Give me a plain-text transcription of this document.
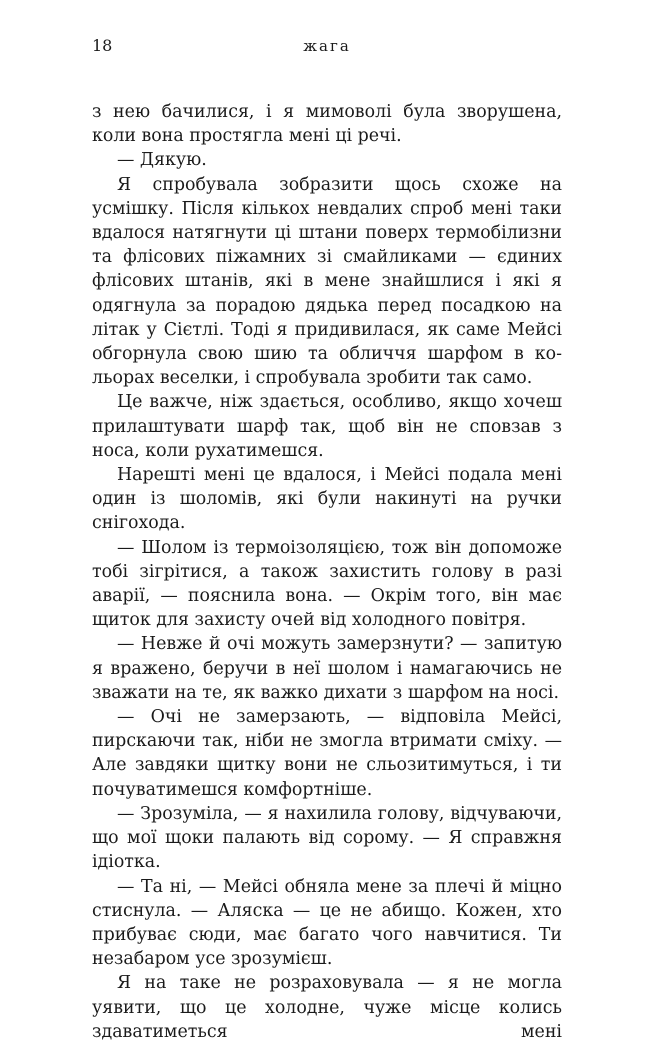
18	жага

з нею бачилися, і я мимоволі була зворушена, коли вона простягла мені ці речі.

— Дякую.

Я спробувала зобразити щось схоже на усмішку. Після кількох невдалих спроб мені таки вдалося натягнути ці штани поверх термобілизни та флісових піжамних зі смайликами — єдиних флісових штанів, які в мене знайшлися і які я одягнула за порадою дядька перед посадкою на літак у Сієтлі. Тоді я придивилася, як саме Мейсі обгорнула свою шию та обличчя шарфом в кольорах веселки, і спробувала зробити так само.

Це важче, ніж здається, особливо, якщо хочеш прилаштувати шарф так, щоб він не сповзав з носа, коли рухатимешся.

Нарешті мені це вдалося, і Мейсі подала мені один із шоломів, які були накинуті на ручки снігохода.

— Шолом із термоізоляцією, тож він допоможе тобі зігрітися, а також захистить голову в разі аварії, — пояснила вона. — Окрім того, він має щиток для захисту очей від холодного повітря.

— Невже й очі можуть замерзнути? — запитую я вражено, беручи в неї шолом і намагаючись не зважати на те, як важко дихати з шарфом на носі.

— Очі не замерзають, — відповіла Мейсі, пирскаючи так, ніби не змогла втримати сміху. — Але завдяки щитку вони не сльозитимуться, і ти почуватимешся комфортніше.

— Зрозуміла, — я нахилила голову, відчуваючи, що мої щоки палають від сорому. — Я справжня ідіотка.

— Та ні, — Мейсі обняла мене за плечі й міцно стиснула. — Аляска — це не абищо. Кожен, хто прибуває сюди, має багато чого навчитися. Ти незабаром усе зрозумієш.

Я на таке не розраховувала — я не могла уявити, що це холодне, чуже місце колись здаватиметься мені
